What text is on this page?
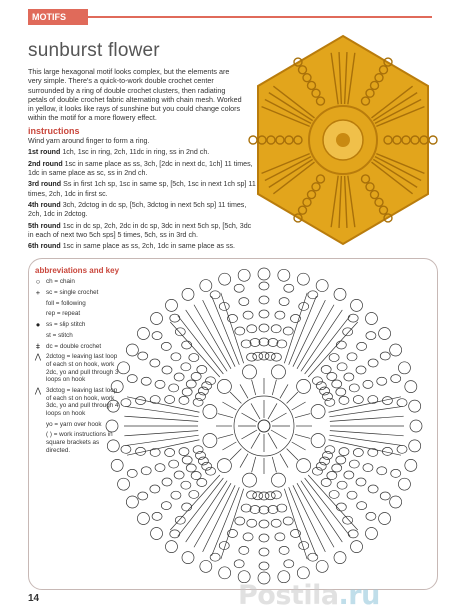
MOTIFS
sunburst flower
This large hexagonal motif looks complex, but the elements are very simple. There's a quick-to-work double crochet center surrounded by a ring of double crochet clusters, then radiating petals of double crochet fabric alternating with chain mesh. Worked in yellow, it looks like rays of sunshine but you could change colors within the motif for a more flowery effect.
instructions

Wind yarn around finger to form a ring.

1st round 1ch, 1sc in ring, 2ch, 11dc in ring, ss in 2nd ch.

2nd round 1sc in same place as ss, 3ch, [2dc in next dc, 1ch] 11 times, 1dc in same place as sc, ss in 2nd ch.

3rd round Ss in first 1ch sp, 1sc in same sp, [5ch, 1sc in next 1ch sp] 11 times, 2ch, 1dc in first sc.

4th round 3ch, 2dctog in dc sp, [5ch, 3dctog in next 5ch sp] 11 times, 2ch, 1dc in 2dctog.

5th round 1sc in dc sp, 2ch, 2dc in dc sp, 3dc in next 5ch sp, [5ch, 3dc in each of next two 5ch sps] 5 times, 5ch, ss in 3rd ch.

6th round 1sc in same place as ss, 2ch, 1dc in same place as ss.

abbreviations and key
○ ch = chain
+ sc = single crochet
foll = following
rep = repeat
● ss = slip stitch
st = stitch
ǂ dc = double crochet
⋀ 2dctog = leaving last loop of each st on hook, work 2dc, yo and pull through 3 loops on hook
⋀ 3dctog = leaving last loop of each st on hook, work 3dc, yo and pull through 4 loops on hook
yo = yarn over hook
( ) = work instructions in square brackets as directed.
14	Postila.ru
